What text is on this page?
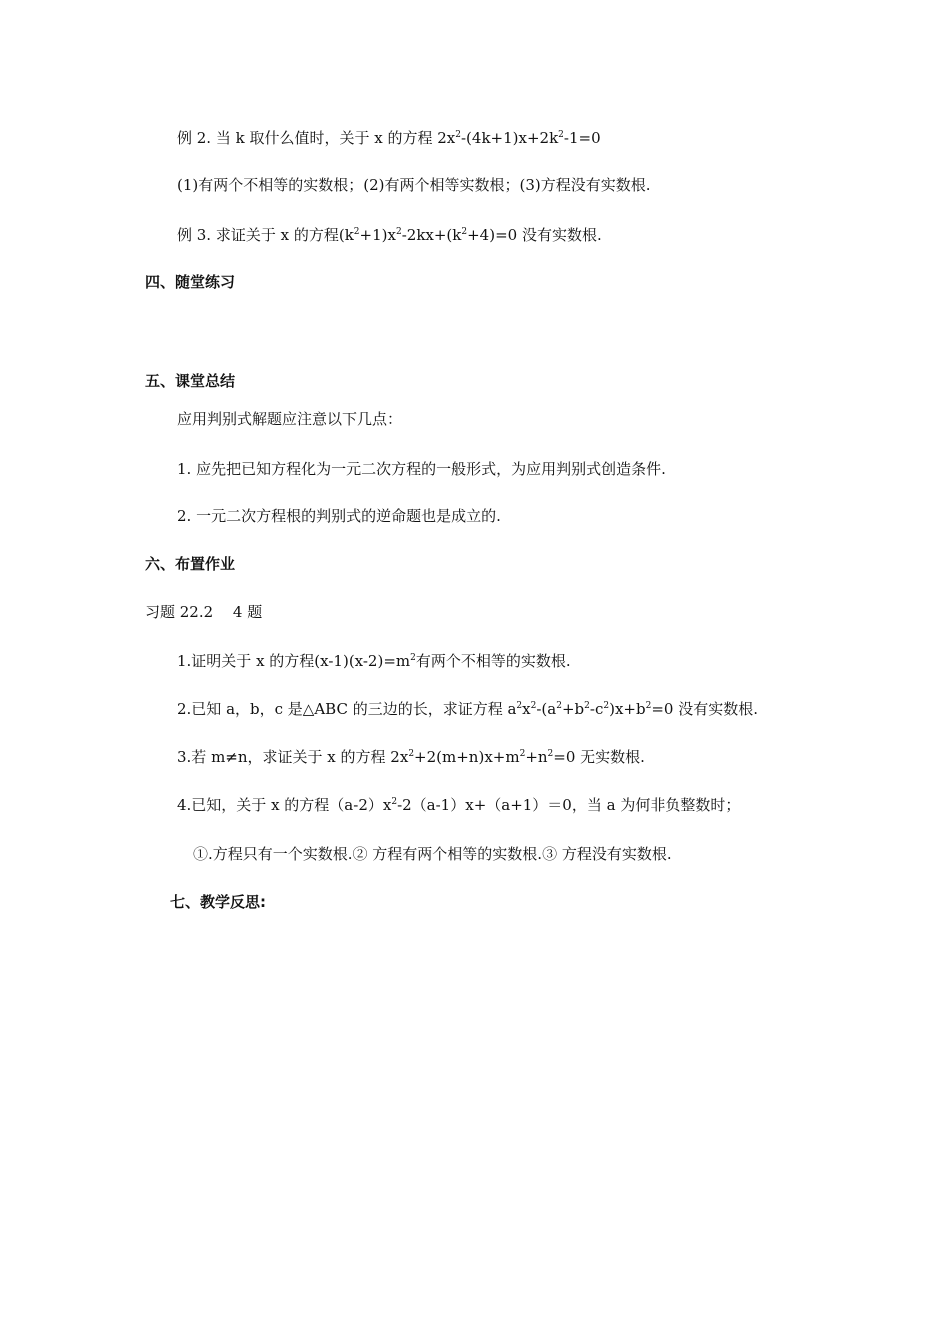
例 2. 当 k 取什么值时，关于 x 的方程 $2x^2-(4k+1)x+2k^2-1=0$
(1)有两个不相等的实数根；(2)有两个相等实数根；(3)方程没有实数根.
例 3. 求证关于 x 的方程$(k^2+1)x^2-2kx+(k^2+4)=0$ 没有实数根.
四、随堂练习
五、课堂总结
应用判别式解题应注意以下几点：
1. 应先把已知方程化为一元二次方程的一般形式，为应用判别式创造条件.
2. 一元二次方程根的判别式的逆命题也是成立的.
六、布置作业
习题 22.2　 4 题
1.证明关于 x 的方程$(x-1)(x-2)=m^2$有两个不相等的实数根.
2.已知 a，b，c 是△ABC 的三边的长，求证方程 $a^2x^2-(a^2+b^2-c^2)x+b^2=0$ 没有实数根.
3.若 m≠n，求证关于 x 的方程 $2x^2+2(m+n)x+m^2+n^2=0$ 无实数根.
4.已知，关于 x 的方程$(a-2)x^2-2(a-1)x+(a+1)=0$，当 a 为何非负整数时；
①.方程只有一个实数根.② 方程有两个相等的实数根.③ 方程没有实数根.
七、教学反思:
